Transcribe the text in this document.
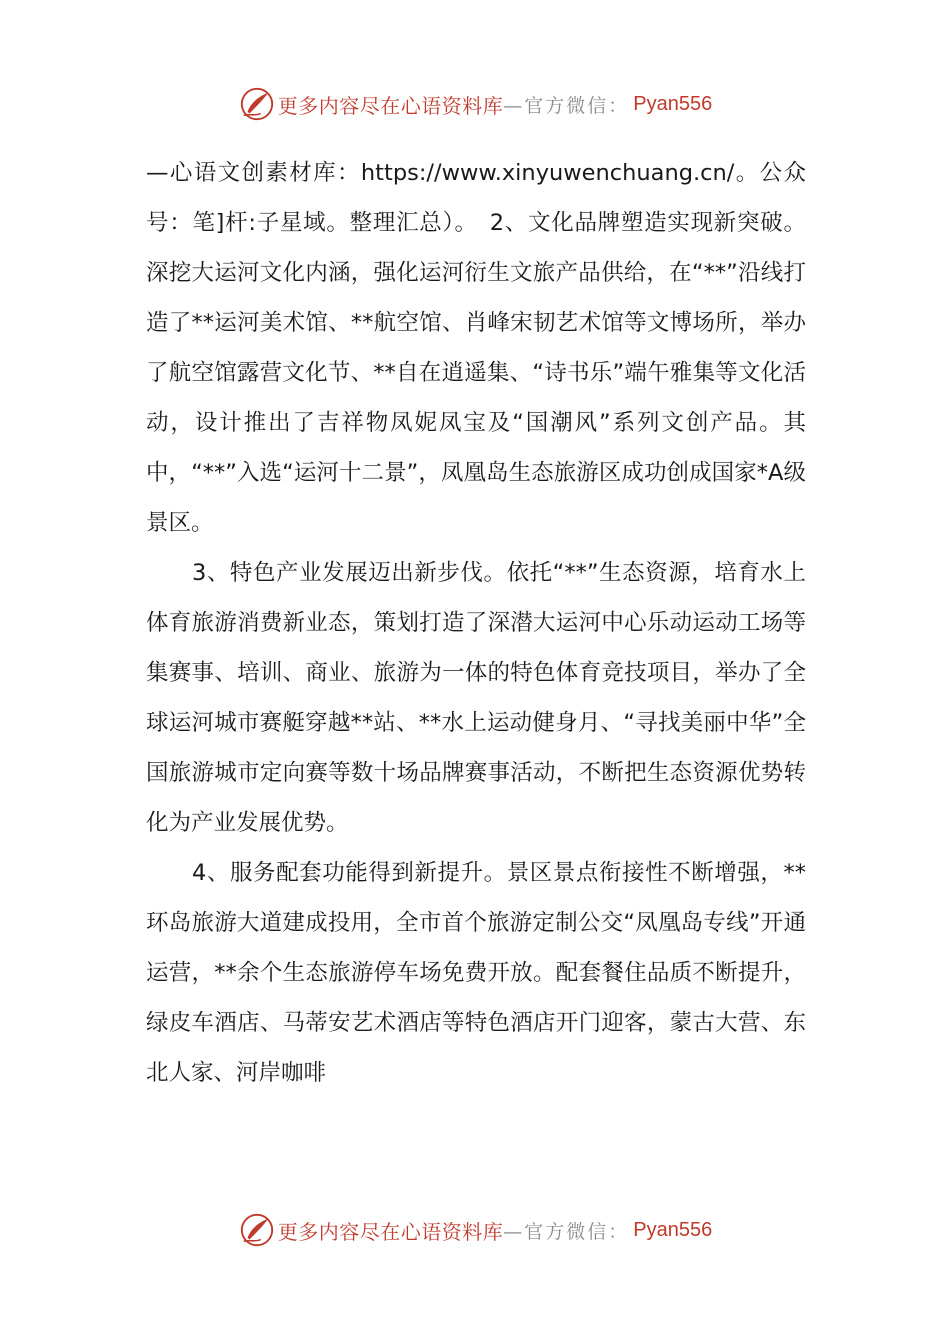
更多内容尽在心语资料库 —官方微信： Pyan556

—心语文创素材库：https://www.xinyuwenchuang.cn/。公众号：笔]杆:子星域。整理汇总）。　2、文化品牌塑造实现新突破。深挖大运河文化内涵，强化运河衍生文旅产品供给，在“**”沿线打造了**运河美术馆、**航空馆、肖峰宋韧艺术馆等文博场所，举办了航空馆露营文化节、**自在逍遥集、“诗书乐”端午雅集等文化活动，设计推出了吉祥物凤妮凤宝及“国潮风”系列文创产品。其中，“**”入选“运河十二景”，凤凰岛生态旅游区成功创成国家*A级景区。

3、特色产业发展迈出新步伐。依托“**”生态资源，培育水上体育旅游消费新业态，策划打造了深潜大运河中心乐动运动工场等集赛事、培训、商业、旅游为一体的特色体育竞技项目，举办了全球运河城市赛艇穿越**站、**水上运动健身月、“寻找美丽中华”全国旅游城市定向赛等数十场品牌赛事活动，不断把生态资源优势转化为产业发展优势。

4、服务配套功能得到新提升。景区景点衔接性不断增强，**环岛旅游大道建成投用，全市首个旅游定制公交“凤凰岛专线”开通运营，**余个生态旅游停车场免费开放。配套餐住品质不断提升，绿皮车酒店、马蒂安艺术酒店等特色酒店开门迎客，蒙古大营、东北人家、河岸咖啡

更多内容尽在心语资料库 —官方微信： Pyan556
